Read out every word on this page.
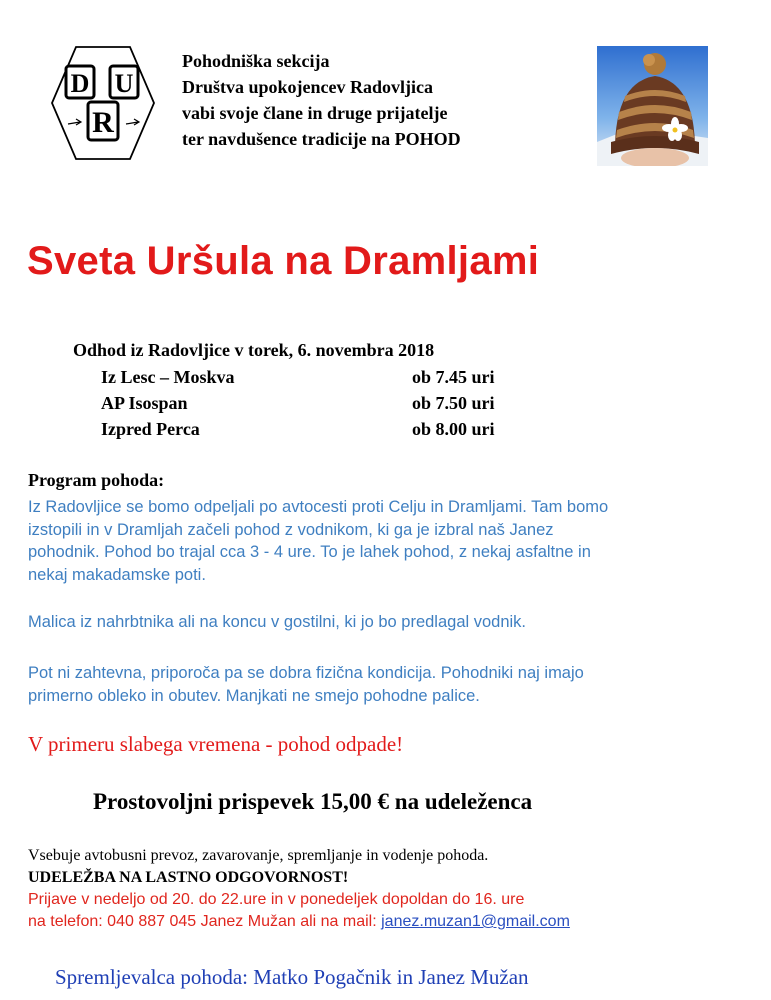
D U
R
Pohodniška sekcija
Društva upokojencev Radovljica
vabi svoje člane in druge prijatelje
ter navdušence tradicije na POHOD
Sveta Uršula na Dramljami
Odhod iz Radovljice v torek, 6. novembra 2018
Iz Lesc – Moskva	ob 7.45 uri
AP Isospan	ob 7.50 uri
Izpred Perca	ob 8.00 uri
Program pohoda:
Iz Radovljice se bomo odpeljali po avtocesti proti Celju in Dramljami. Tam bomo
izstopili in v Dramljah začeli pohod z vodnikom, ki ga je izbral naš Janez
pohodnik. Pohod bo trajal cca 3 - 4 ure. To je lahek pohod, z nekaj asfaltne in
nekaj makadamske poti.
Malica iz nahrbtnika ali na koncu v gostilni, ki jo bo predlagal vodnik.
Pot ni zahtevna, priporoča pa se dobra fizična kondicija. Pohodniki naj imajo
primerno obleko in obutev. Manjkati ne smejo pohodne palice.
V primeru slabega vremena - pohod odpade!
Prostovoljni prispevek 15,00 € na udeleženca
Vsebuje avtobusni prevoz, zavarovanje, spremljanje in vodenje pohoda.
UDELEŽBA NA LASTNO ODGOVORNOST!
Prijave v nedeljo od 20. do 22.ure in v ponedeljek dopoldan do 16. ure
na telefon: 040 887 045 Janez Mužan ali na mail: janez.muzan1@gmail.com
Spremljevalca pohoda: Matko Pogačnik in Janez Mužan
